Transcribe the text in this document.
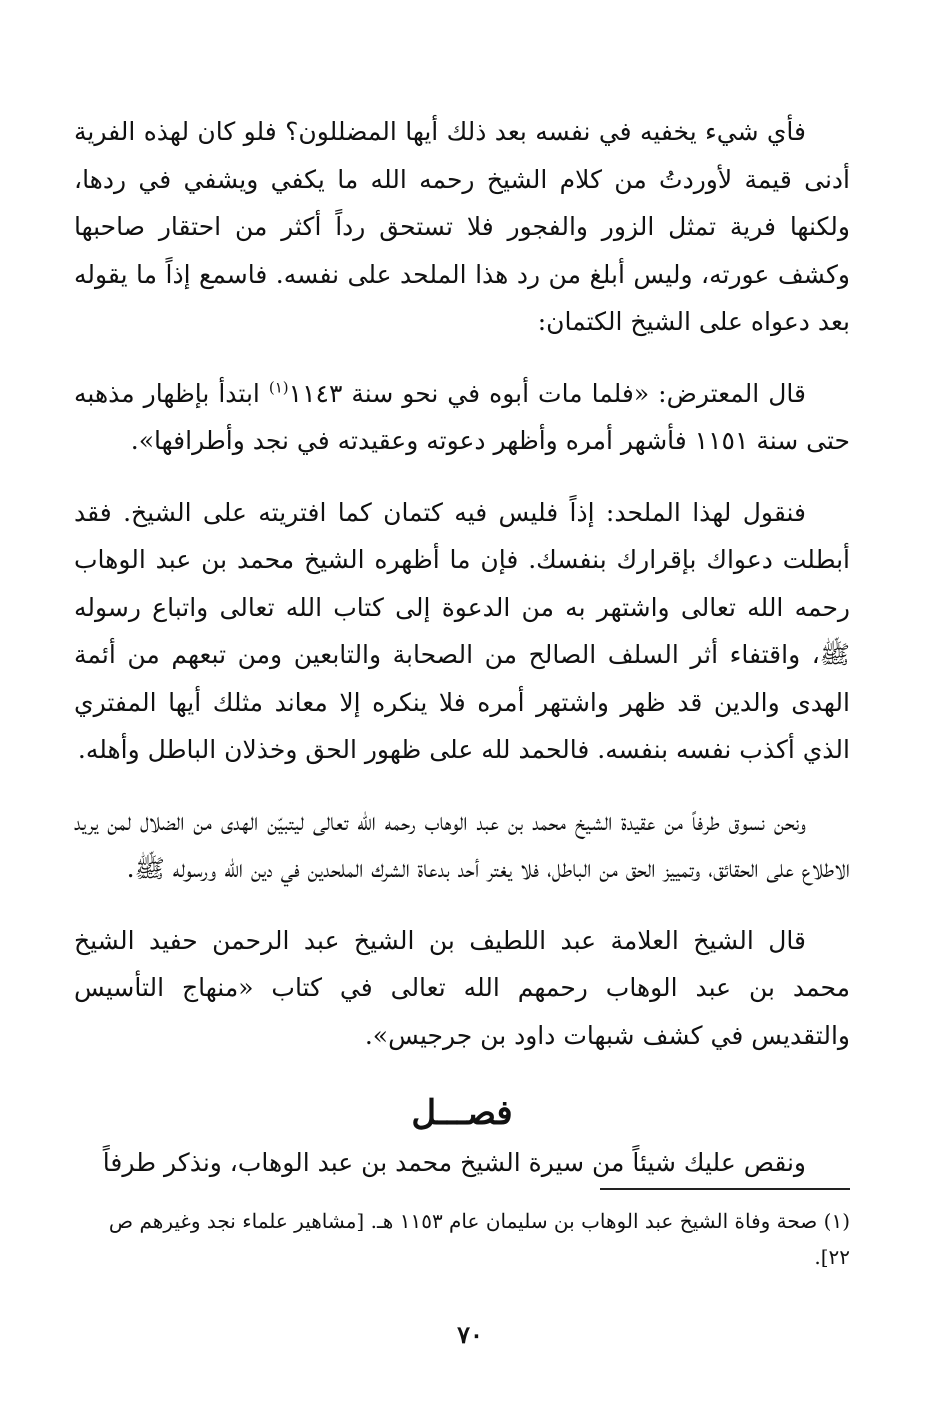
فأي شيء يخفيه في نفسه بعد ذلك أيها المضللون؟ فلو كان لهذه الفرية أدنى قيمة لأوردتُ من كلام الشيخ رحمه الله ما يكفي ويشفي في ردها، ولكنها فرية تمثل الزور والفجور فلا تستحق رداً أكثر من احتقار صاحبها وكشف عورته، وليس أبلغ من رد هذا الملحد على نفسه. فاسمع إذاً ما يقوله بعد دعواه على الشيخ الكتمان:

قال المعترض: «فلما مات أبوه في نحو سنة ١١٤٣$^{(١)}$ ابتدأ بإظهار مذهبه حتى سنة ١١٥١ فأشهر أمره وأظهر دعوته وعقيدته في نجد وأطرافها».

فنقول لهذا الملحد: إذاً فليس فيه كتمان كما افتريته على الشيخ. فقد أبطلت دعواك بإقرارك بنفسك. فإن ما أظهره الشيخ محمد بن عبد الوهاب رحمه الله تعالى واشتهر به من الدعوة إلى كتاب الله تعالى واتباع رسوله ﷺ، واقتفاء أثر السلف الصالح من الصحابة والتابعين ومن تبعهم من أئمة الهدى والدين قد ظهر واشتهر أمره فلا ينكره إلا معاند مثلك أيها المفتري الذي أكذب نفسه بنفسه. فالحمد لله على ظهور الحق وخذلان الباطل وأهله.

ونحن نسوق طرفاً من عقيدة الشيخ محمد بن عبد الوهاب رحمه الله تعالى ليتبيّن الهدى من الضلال لمن يريد الاطلاع على الحقائق، وتمييز الحق من الباطل، فلا يغتر أحد بدعاة الشرك الملحدين في دين الله ورسوله ﷺ.

قال الشيخ العلامة عبد اللطيف بن الشيخ عبد الرحمن حفيد الشيخ محمد بن عبد الوهاب رحمهم الله تعالى في كتاب «منهاج التأسيس والتقديس في كشف شبهات داود بن جرجيس».

فصـــل

ونقص عليك شيئاً من سيرة الشيخ محمد بن عبد الوهاب، ونذكر طرفاً

(١) صحة وفاة الشيخ عبد الوهاب بن سليمان عام ١١٥٣ هـ. [مشاهير علماء نجد وغيرهم ص ٢٢].
٧٠
